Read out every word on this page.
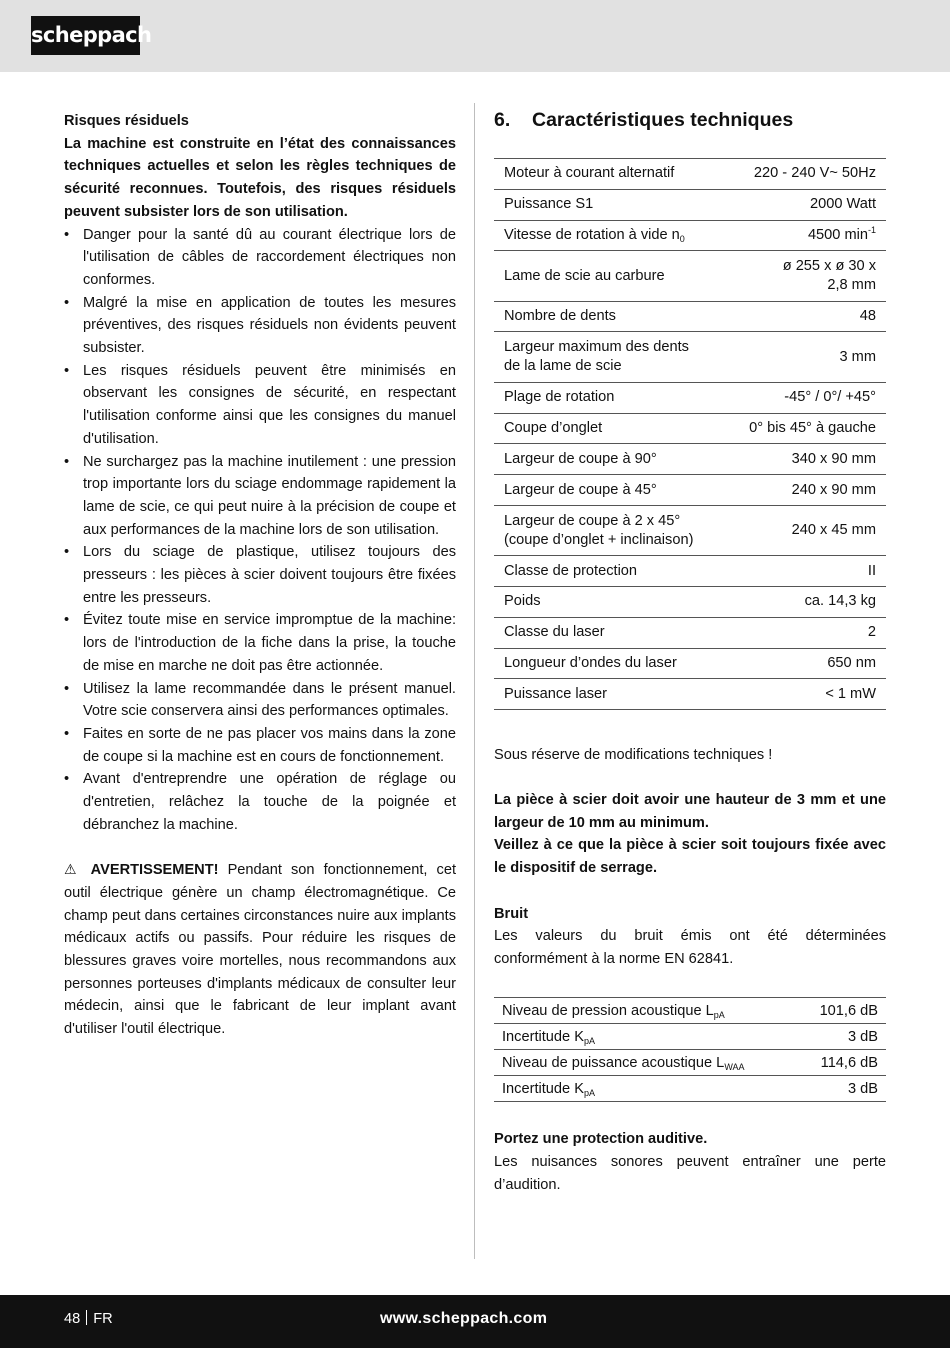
scheppach
Risques résiduels
La machine est construite en l’état des connaissances techniques actuelles et selon les règles techniques de sécurité reconnues. Toutefois, des risques résiduels peuvent subsister lors de son utilisation.
• Danger pour la santé dû au courant électrique lors de l'utilisation de câbles de raccordement électriques non conformes.
• Malgré la mise en application de toutes les mesures préventives, des risques résiduels non évidents peuvent subsister.
• Les risques résiduels peuvent être minimisés en observant les consignes de sécurité, en respectant l'utilisation conforme ainsi que les consignes du manuel d'utilisation.
• Ne surchargez pas la machine inutilement : une pression trop importante lors du sciage endommage rapidement la lame de scie, ce qui peut nuire à la précision de coupe et aux performances de la machine lors de son utilisation.
• Lors du sciage de plastique, utilisez toujours des presseurs : les pièces à scier doivent toujours être fixées entre les presseurs.
• Évitez toute mise en service impromptue de la machine: lors de l'introduction de la fiche dans la prise, la touche de mise en marche ne doit pas être actionnée.
• Utilisez la lame recommandée dans le présent manuel. Votre scie conservera ainsi des performances optimales.
• Faites en sorte de ne pas placer vos mains dans la zone de coupe si la machine est en cours de fonctionnement.
• Avant d'entreprendre une opération de réglage ou d'entretien, relâchez la touche de la poignée et débranchez la machine.
⚠ AVERTISSEMENT! Pendant son fonctionnement, cet outil électrique génère un champ électromagnétique. Ce champ peut dans certaines circonstances nuire aux implants médicaux actifs ou passifs. Pour réduire les risques de blessures graves voire mortelles, nous recommandons aux personnes porteuses d'implants médicaux de consulter leur médecin, ainsi que le fabricant de leur implant avant d'utiliser l'outil électrique.
6. Caractéristiques techniques
Moteur à courant alternatif	220 - 240 V~ 50Hz
Puissance S1	2000 Watt
Vitesse de rotation à vide $n_0$	4500 $\min^{-1}$
Lame de scie au carbure	ø 255 x ø 30 x
2,8 mm

Nombre de dents	48

Largeur maximum des dents
de la lame de scie	3 mm
Plage de rotation	-45° / 0°/ +45°
Coupe d’onglet	0° bis 45° à gauche
Largeur de coupe à 90°	340 x 90 mm
Largeur de coupe à 45°	240 x 90 mm

Largeur de coupe à 2 x 45°
(coupe d’onglet + inclinaison)	240 x 45 mm
Classe de protection	II
Poids	ca. 14,3 kg
Classe du laser	2
Longueur d’ondes du laser	650 nm
Puissance laser	< 1 mW
Sous réserve de modifications techniques !
La pièce à scier doit avoir une hauteur de 3 mm et une largeur de 10 mm au minimum.
Veillez à ce que la pièce à scier soit toujours fixée avec le dispositif de serrage.
Bruit
Les valeurs du bruit émis ont été déterminées conformément à la norme EN 62841.
Niveau de pression acoustique $L_{pA}$	101,6 dB
Incertitude $K_{pA}$	3 dB
Niveau de puissance acoustique $L_{WAA}$	114,6 dB
Incertitude $K_{pA}$	3 dB
Portez une protection auditive.
Les nuisances sonores peuvent entraîner une perte d’audition.
48 FR	www.scheppach.com
